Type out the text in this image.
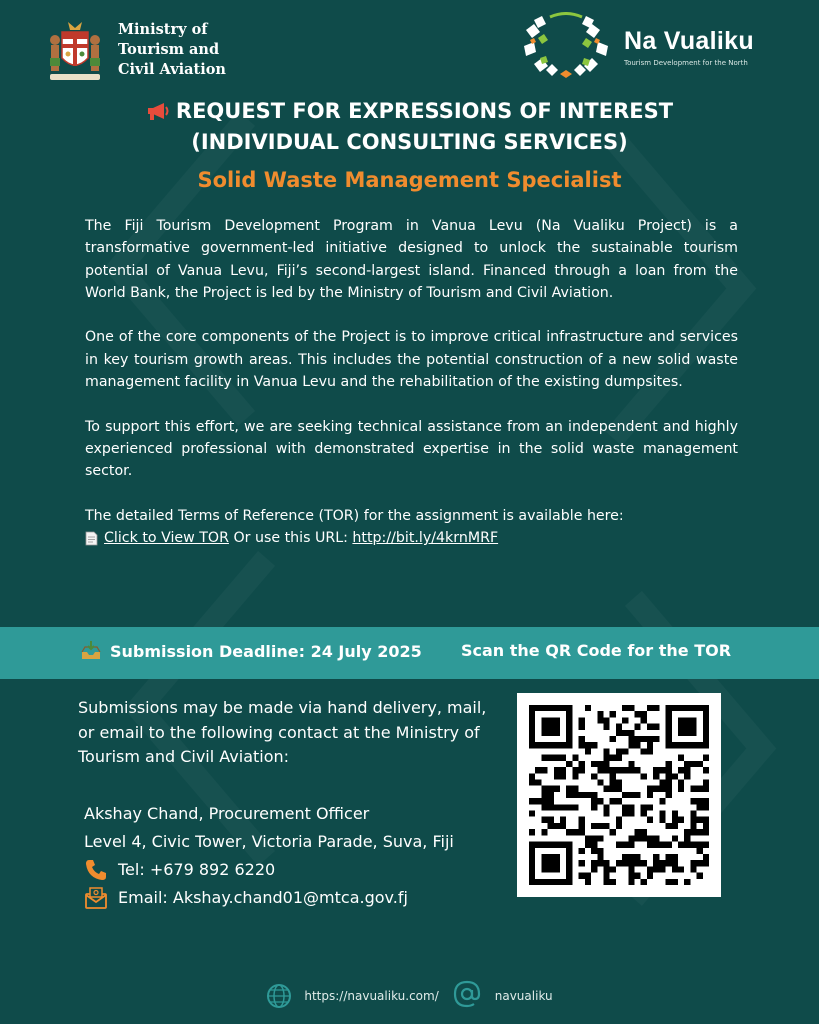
Ministry of
Tourism and
Civil Aviation
Na Vualiku
Tourism Development for the North
REQUEST FOR EXPRESSIONS OF INTEREST
(INDIVIDUAL CONSULTING SERVICES)
Solid Waste Management Specialist

The Fiji Tourism Development Program in Vanua Levu (Na Vualiku Project) is a transformative government-led initiative designed to unlock the sustainable tourism potential of Vanua Levu, Fiji’s second-largest island. Financed through a loan from the World Bank, the Project is led by the Ministry of Tourism and Civil Aviation.

One of the core components of the Project is to improve critical infrastructure and services in key tourism growth areas. This includes the potential construction of a new solid waste management facility in Vanua Levu and the rehabilitation of the existing dumpsites.

To support this effort, we are seeking technical assistance from an independent and highly experienced professional with demonstrated expertise in the solid waste management sector.

The detailed Terms of Reference (TOR) for the assignment is available here:

Click to View TOR Or use this URL: http://bit.ly/4krnMRF
Submission Deadline: 24 July 2025 Scan the QR Code for the TOR
Submissions may be made via hand delivery, mail, or email to the following contact at the Ministry of Tourism and Civil Aviation:
Akshay Chand, Procurement Officer
Level 4, Civic Tower, Victoria Parade, Suva, Fiji
Tel: +679 892 6220
Email: Akshay.chand01@mtca.gov.fj
https://navualiku.com/	navualiku
